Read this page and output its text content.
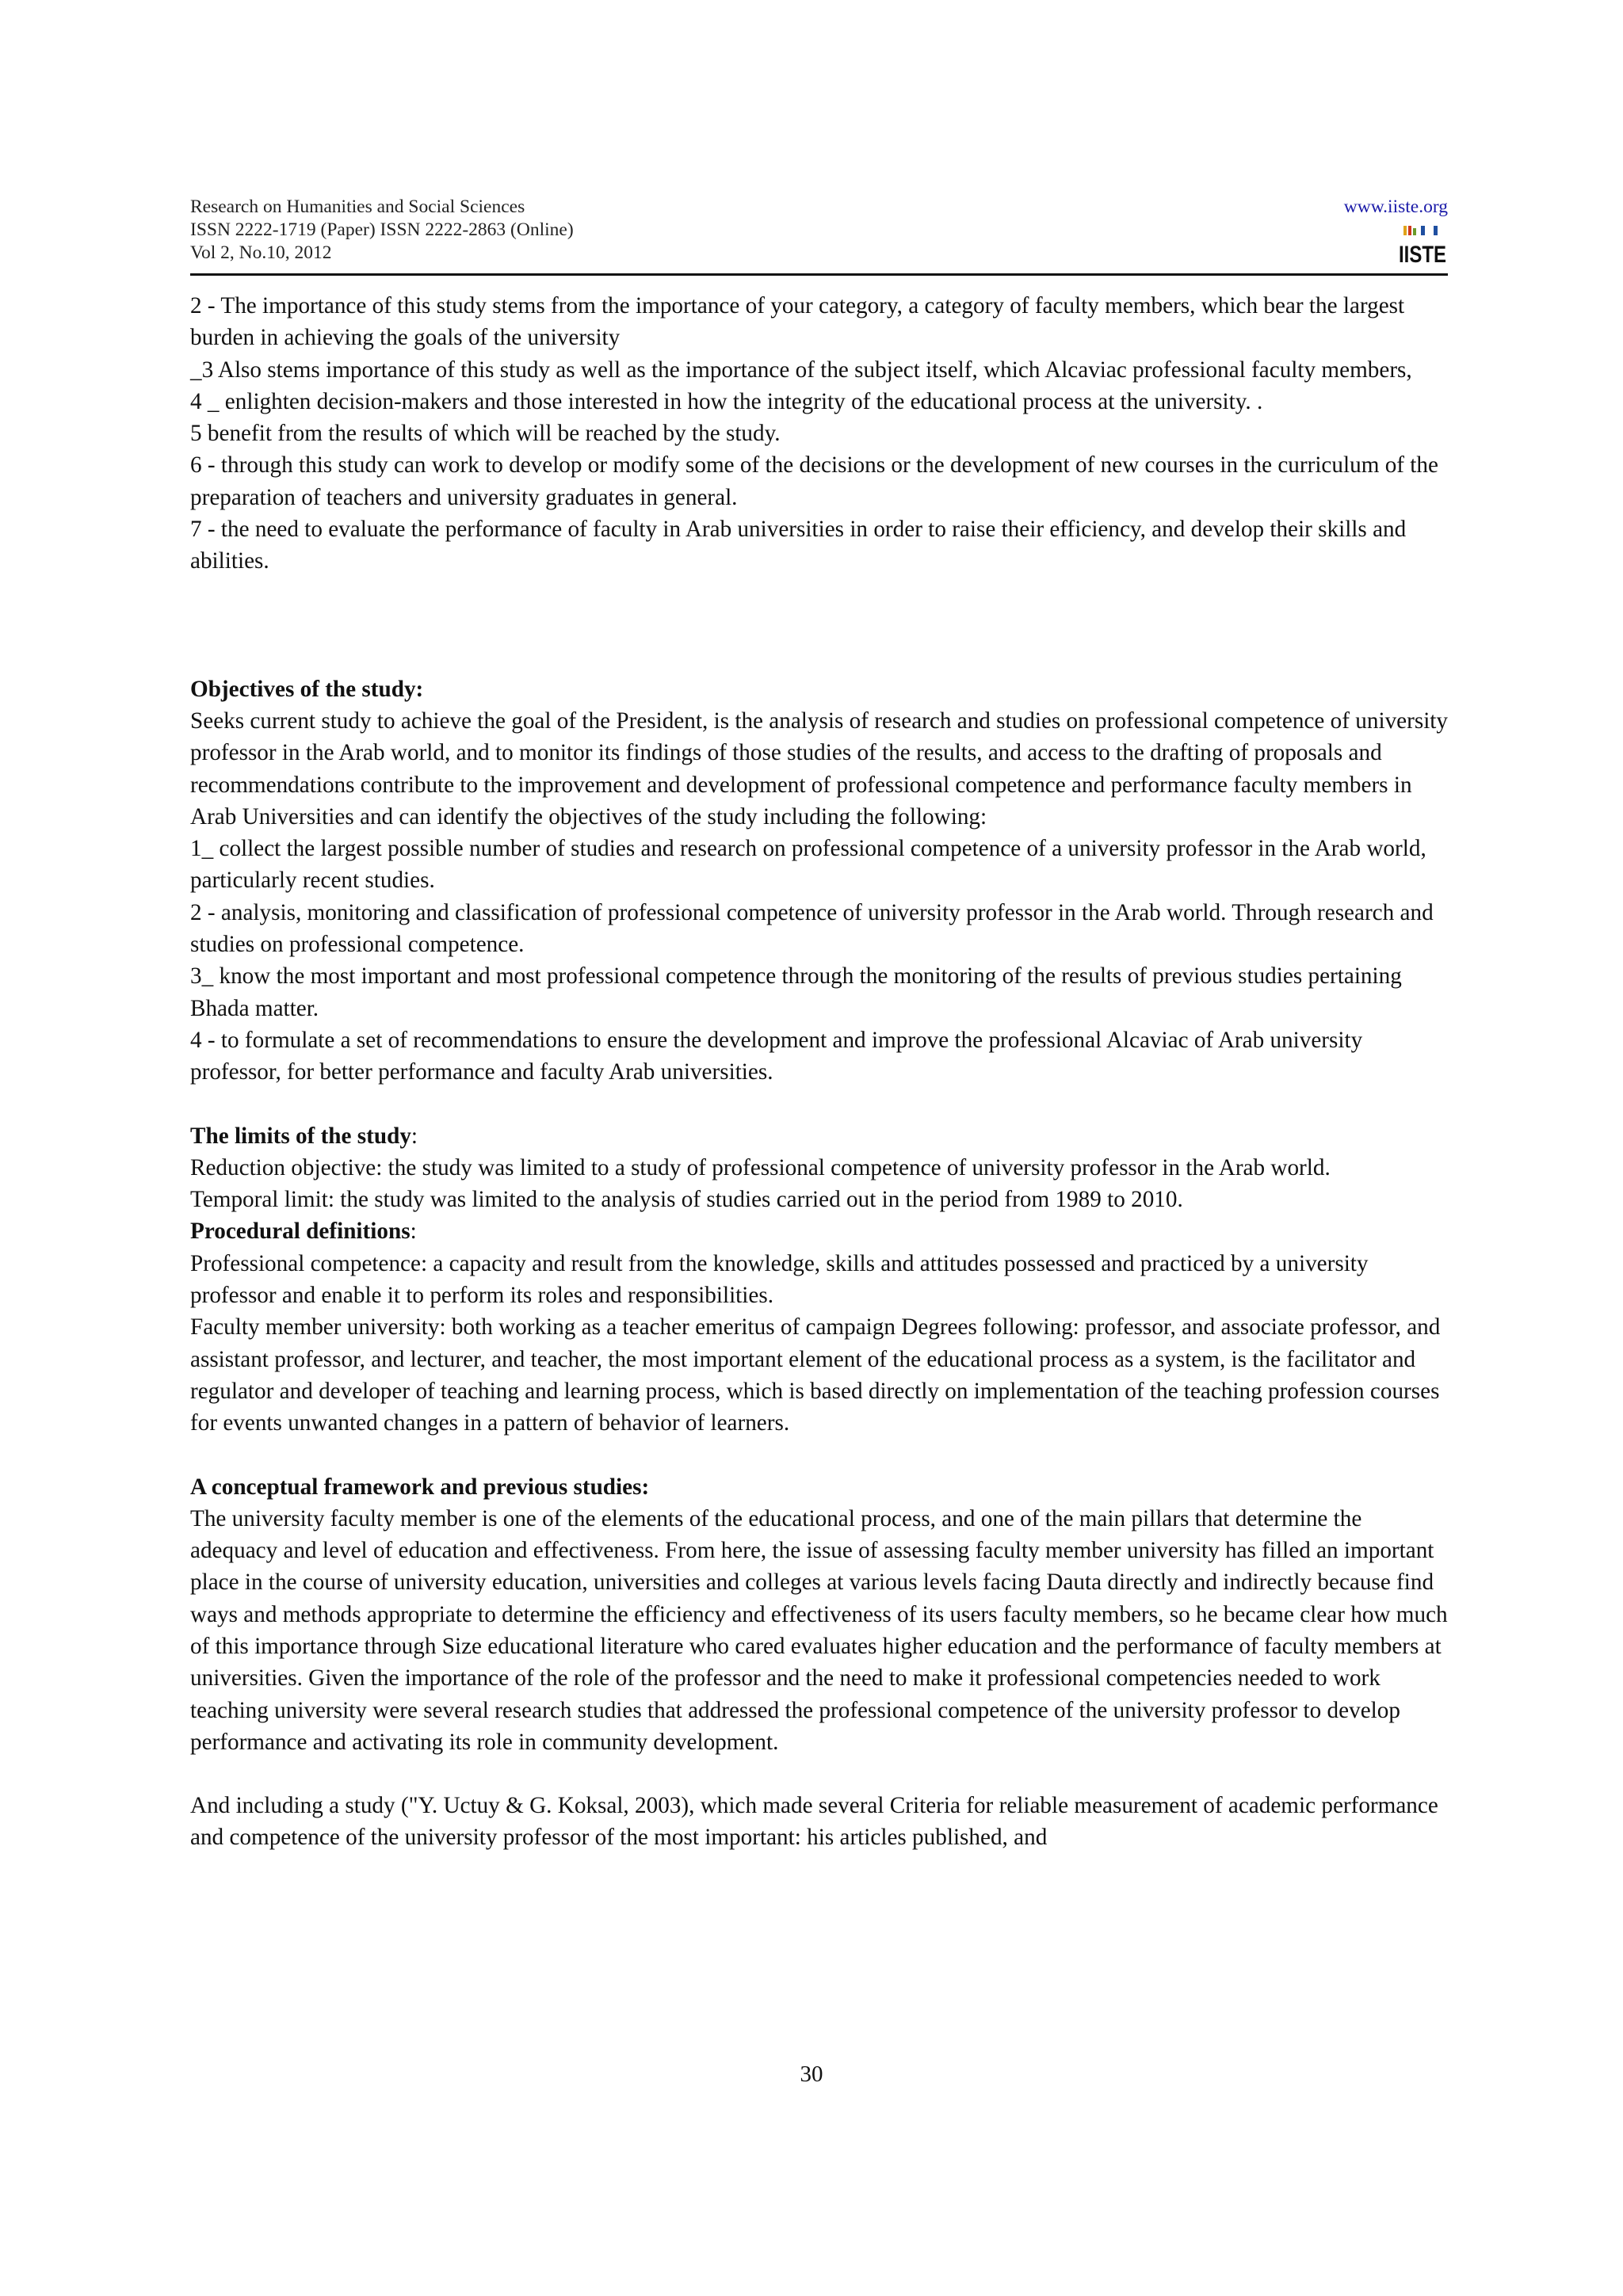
Research on Humanities and Social Sciences
ISSN 2222-1719 (Paper) ISSN 2222-2863 (Online)
Vol 2, No.10, 2012
www.iiste.org
IISTE

2 - The importance of this study stems from the importance of your category, a category of faculty members, which bear the largest burden in achieving the goals of the university

_3 Also stems importance of this study as well as the importance of the subject itself, which Alcaviac professional faculty members,

4 _ enlighten decision-makers and those interested in how the integrity of the educational process at the university. .

5 benefit from the results of which will be reached by the study.

6 - through this study can work to develop or modify some of the decisions or the development of new courses in the curriculum of the preparation of teachers and university graduates in general.

7 - the need to evaluate the performance of faculty in Arab universities in order to raise their efficiency, and develop their skills and abilities.

Objectives of the study:

Seeks current study to achieve the goal of the President, is the analysis of research and studies on professional competence of university professor in the Arab world, and to monitor its findings of those studies of the results, and access to the drafting of proposals and recommendations contribute to the improvement and development of professional competence and performance faculty members in Arab Universities and can identify the objectives of the study including the following:

1_ collect the largest possible number of studies and research on professional competence of a university professor in the Arab world, particularly recent studies.

2 - analysis, monitoring and classification of professional competence of university professor in the Arab world. Through research and studies on professional competence.

3_ know the most important and most professional competence through the monitoring of the results of previous studies pertaining Bhada matter.

4 - to formulate a set of recommendations to ensure the development and improve the professional Alcaviac of Arab university professor, for better performance and faculty Arab universities.

The limits of the study:

Reduction objective: the study was limited to a study of professional competence of university professor in the Arab world.

Temporal limit: the study was limited to the analysis of studies carried out in the period from 1989 to 2010.

Procedural definitions:

Professional competence: a capacity and result from the knowledge, skills and attitudes possessed and practiced by a university professor and enable it to perform its roles and responsibilities.

Faculty member university: both working as a teacher emeritus of campaign Degrees following: professor, and associate professor, and assistant professor, and lecturer, and teacher, the most important element of the educational process as a system, is the facilitator and regulator and developer of teaching and learning process, which is based directly on implementation of the teaching profession courses for events unwanted changes in a pattern of behavior of learners.

A conceptual framework and previous studies:

The university faculty member is one of the elements of the educational process, and one of the main pillars that determine the adequacy and level of education and effectiveness. From here, the issue of assessing faculty member university has filled an important place in the course of university education, universities and colleges at various levels facing Dauta directly and indirectly because find ways and methods appropriate to determine the efficiency and effectiveness of its users faculty members, so he became clear how much of this importance through Size educational literature who cared evaluates higher education and the performance of faculty members at universities. Given the importance of the role of the professor and the need to make it professional competencies needed to work teaching university were several research studies that addressed the professional competence of the university professor to develop performance and activating its role in community development.

And including a study ("Y. Uctuy & G. Koksal, 2003), which made several Criteria for reliable measurement of academic performance and competence of the university professor of the most important: his articles published, and

30
